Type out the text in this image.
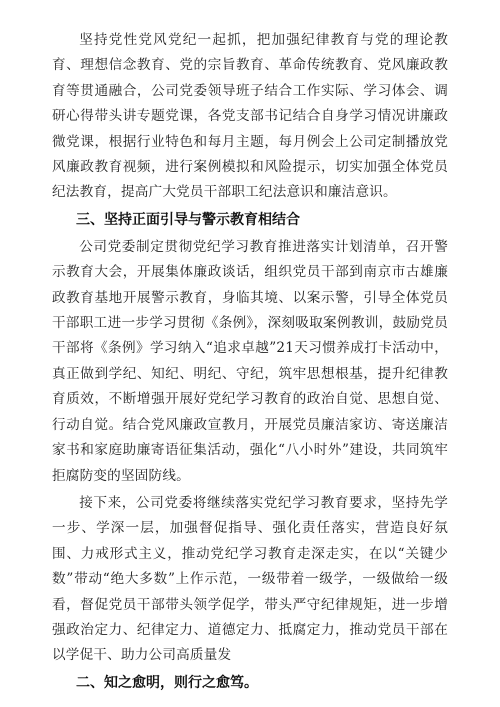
坚持党性党风党纪一起抓，把加强纪律教育与党的理论教育、理想信念教育、党的宗旨教育、革命传统教育、党风廉政教育等贯通融合，公司党委领导班子结合工作实际、学习体会、调研心得带头讲专题党课，各党支部书记结合自身学习情况讲廉政微党课，根据行业特色和每月主题，每月例会上公司定制播放党风廉政教育视频，进行案例模拟和风险提示，切实加强全体党员纪法教育，提高广大党员干部职工纪法意识和廉洁意识。

三、坚持正面引导与警示教育相结合

公司党委制定贯彻党纪学习教育推进落实计划清单，召开警示教育大会，开展集体廉政谈话，组织党员干部到南京市古雄廉政教育基地开展警示教育，身临其境、以案示警，引导全体党员干部职工进一步学习贯彻《条例》，深刻吸取案例教训，鼓励党员干部将《条例》学习纳入“追求卓越”21天习惯养成打卡活动中，真正做到学纪、知纪、明纪、守纪，筑牢思想根基，提升纪律教育质效，不断增强开展好党纪学习教育的政治自觉、思想自觉、行动自觉。结合党风廉政宣教月，开展党员廉洁家访、寄送廉洁家书和家庭助廉寄语征集活动，强化“八小时外”建设，共同筑牢拒腐防变的坚固防线。

接下来，公司党委将继续落实党纪学习教育要求，坚持先学一步、学深一层，加强督促指导、强化责任落实，营造良好氛围、力戒形式主义，推动党纪学习教育走深走实，在以“关键少数”带动“绝大多数”上作示范，一级带着一级学，一级做给一级看，督促党员干部带头领学促学，带头严守纪律规矩，进一步增强政治定力、纪律定力、道德定力、抵腐定力，推动党员干部在以学促干、助力公司高质量发

二、知之愈明，则行之愈笃。
